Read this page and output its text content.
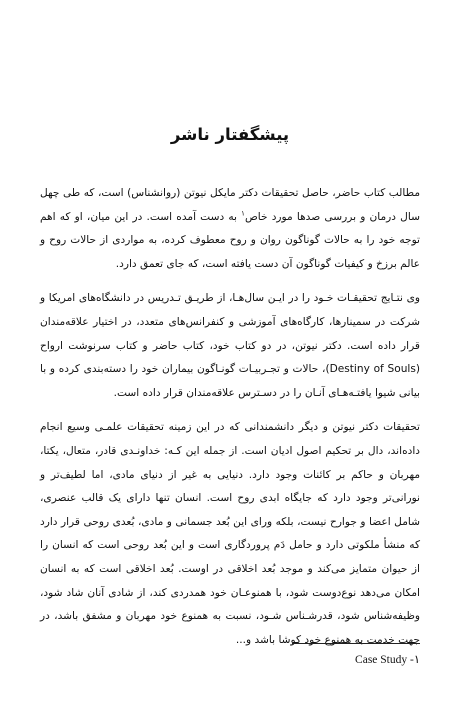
پیشگفتار ناشر

مطالب کتاب حاضر، حاصل تحقیقات دکتر مایکل نیوتن (روانشناس) است، که طی چهل سال درمان و بررسی صدها مورد خاص$^۱$ به دست آمده است. در این میان، او که اهم توجه خود را به حالات گوناگون روان و روح معطوف کرده، به مواردی از حالات روح و عالم برزخ و کیفیات گوناگون آن دست یافته است، که جای تعمق دارد.

وی نتـایج تحقیقـات خـود را در ایـن سال‌هـا، از طریـق تـدریس در دانشگاه‌های امریکا و شرکت در سمینارها، کارگاه‌های آموزشی و کنفرانس‌های متعدد، در اختیار علاقه‌مندان قرار داده است. دکتر نیوتن، در دو کتاب خود، کتاب حاضر و کتاب سرنوشت ارواح (Destiny of Souls)، حالات و تجـربیـات گونـاگون بیماران خود را دسته‌بندی کرده و با بیانی شیوا یافتـه‌هـای آنـان را در دسـترس علاقه‌مندان قرار داده است.

تحقیقات دکتر نیوتن و دیگر دانشمندانی که در این زمینه تحقیقات علمـی وسیع انجام داده‌اند، دال بر تحکیم اصول ادیان است. از جمله این کـه: خداونـدی قادر، متعال، یکتا، مهربان و حاکم بر کائنات وجود دارد. دنیایی به غیر از دنیای مادی، اما لطیف‌تر و نورانی‌تر وجود دارد که جایگاه ابدی روح است. انسان تنها دارای یک قالب عنصری، شامل اعضا و جوارح نیست، بلکه ورای این بُعد جسمانی و مادی، بُعدی روحی قرار دارد که منشأ ملکوتی دارد و حامل دَم پروردگاری است و این بُعد روحی است که انسان را از حیوان متمایز می‌کند و موجد بُعد اخلاقی در اوست. بُعد اخلاقی است که به انسان امکان می‌دهد نوع‌دوست شود، با همنوعـان خود همدردی کند، از شادی آنان شاد شود، وظیفه‌شناس شود، قدرشـناس شـود، نسبت به همنوع خود مهربان و مشفق باشد، در جهت خدمت به همنوع خود کوشا باشد و...

Case Study -۱
